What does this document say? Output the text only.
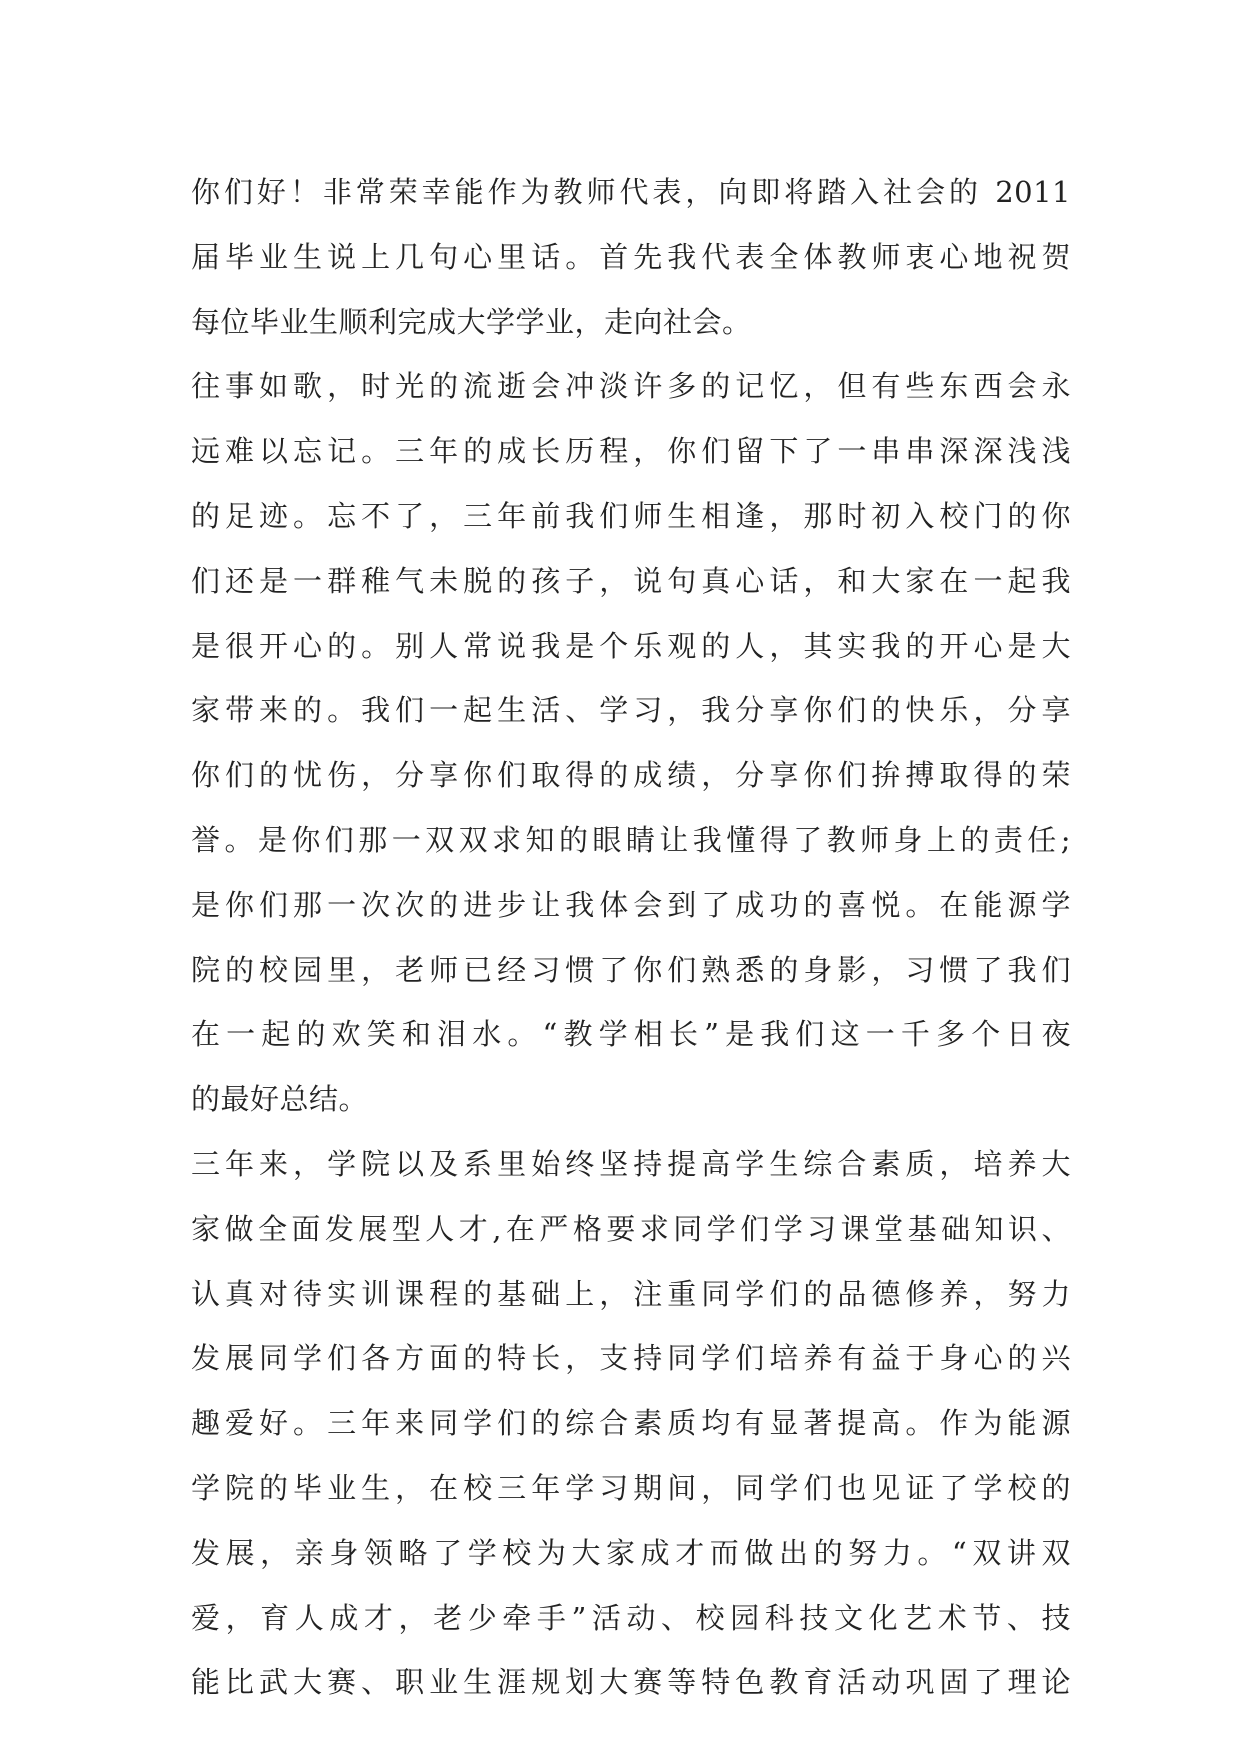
你们好！非常荣幸能作为教师代表，向即将踏入社会的 2011
届毕业生说上几句心里话。首先我代表全体教师衷心地祝贺
每位毕业生顺利完成大学学业，走向社会。
往事如歌，时光的流逝会冲淡许多的记忆，但有些东西会永
远难以忘记。三年的成长历程，你们留下了一串串深深浅浅
的足迹。忘不了，三年前我们师生相逢，那时初入校门的你
们还是一群稚气未脱的孩子，说句真心话，和大家在一起我
是很开心的。别人常说我是个乐观的人，其实我的开心是大
家带来的。我们一起生活、学习，我分享你们的快乐，分享
你们的忧伤，分享你们取得的成绩，分享你们拚搏取得的荣
誉。是你们那一双双求知的眼睛让我懂得了教师身上的责任;
是你们那一次次的进步让我体会到了成功的喜悦。在能源学
院的校园里，老师已经习惯了你们熟悉的身影，习惯了我们
在一起的欢笑和泪水。“教学相长”是我们这一千多个日夜
的最好总结。
三年来，学院以及系里始终坚持提高学生综合素质，培养大
家做全面发展型人才,在严格要求同学们学习课堂基础知识、
认真对待实训课程的基础上，注重同学们的品德修养，努力
发展同学们各方面的特长，支持同学们培养有益于身心的兴
趣爱好。三年来同学们的综合素质均有显著提高。作为能源
学院的毕业生，在校三年学习期间，同学们也见证了学校的
发展，亲身领略了学校为大家成才而做出的努力。“双讲双
爱，育人成才，老少牵手”活动、校园科技文化艺术节、技
能比武大赛、职业生涯规划大赛等特色教育活动巩固了理论
